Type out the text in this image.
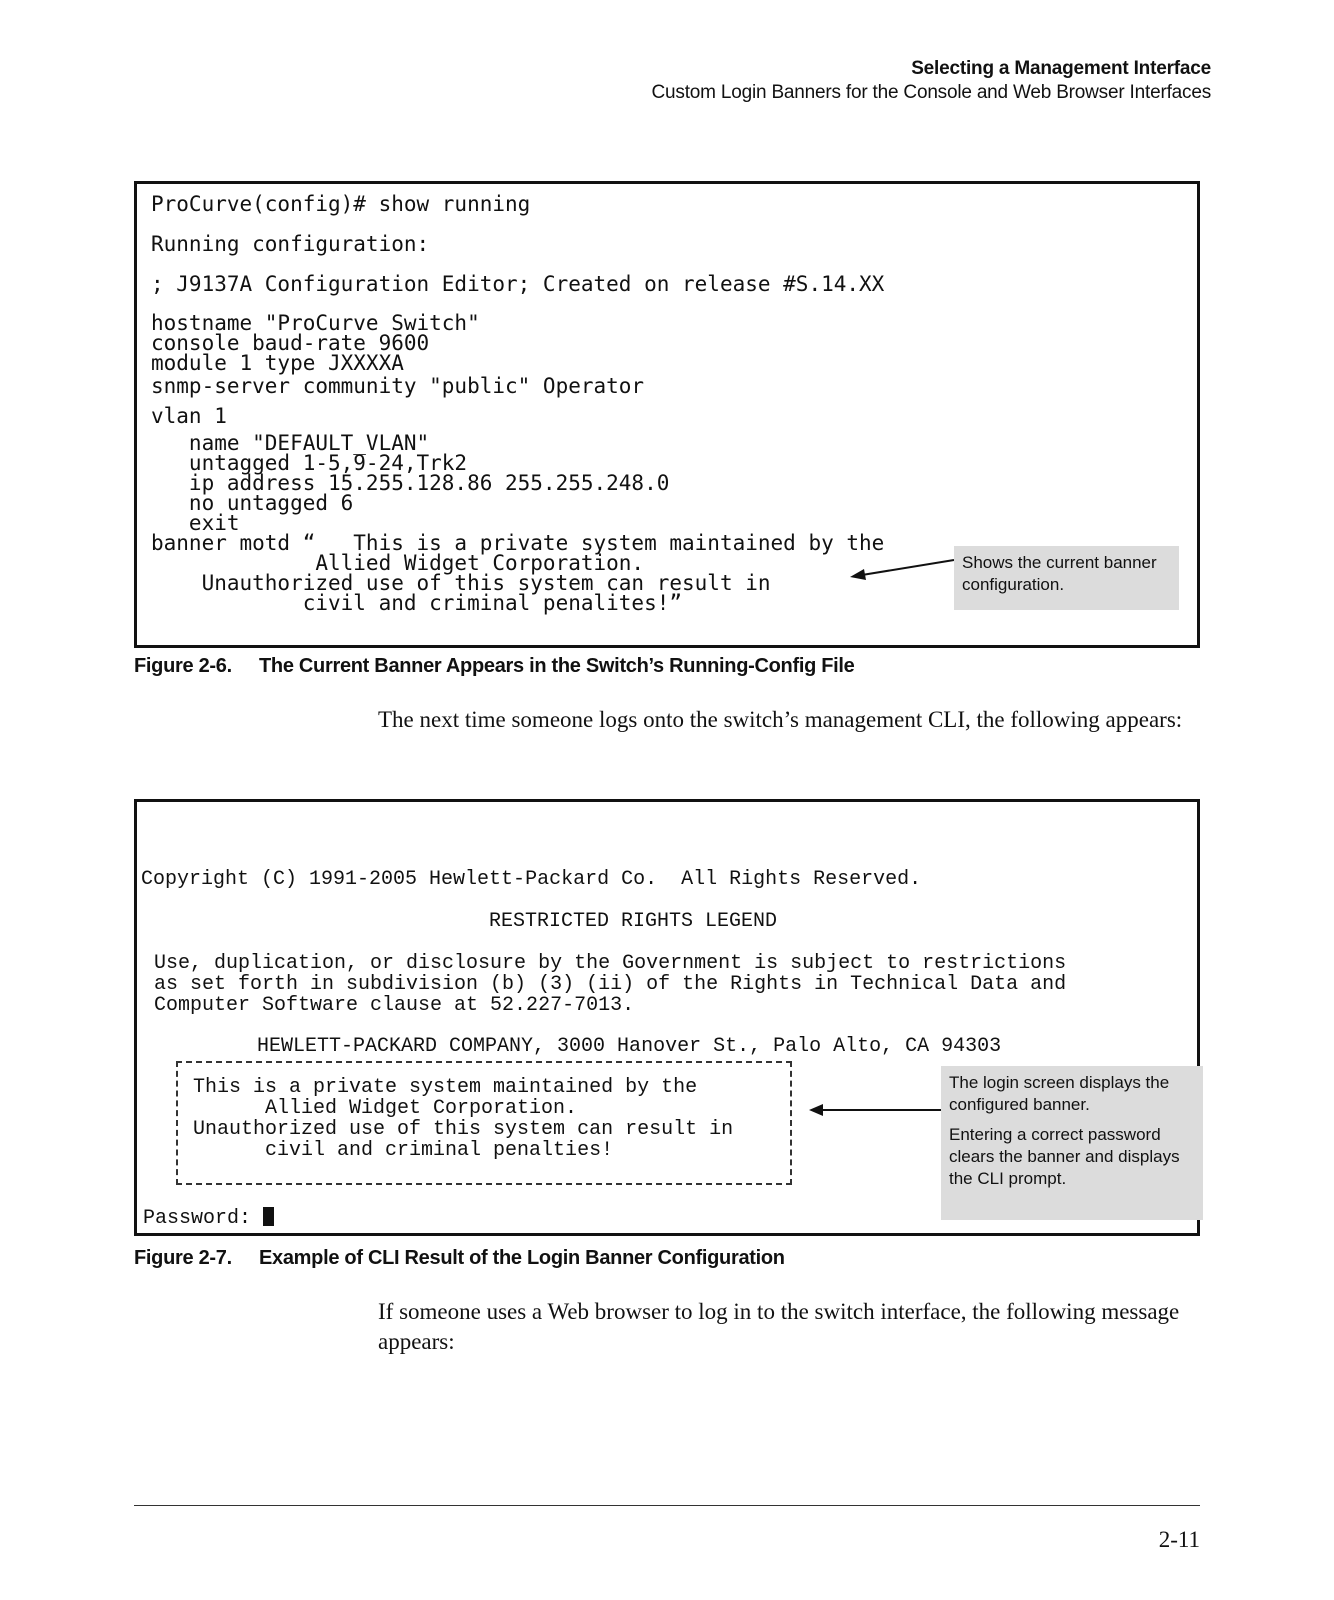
Selecting a Management Interface
Custom Login Banners for the Console and Web Browser Interfaces
ProCurve(config)# show running
Running configuration:
; J9137A Configuration Editor; Created on release #S.14.XX
hostname "ProCurve Switch"
console baud-rate 9600
module 1 type JXXXXA
snmp-server community "public" Operator
vlan 1
name "DEFAULT_VLAN"
untagged 1-5,9-24,Trk2
ip address 15.255.128.86 255.255.248.0
no untagged 6
exit
banner motd “   This is a private system maintained by the
Allied Widget Corporation.
Unauthorized use of this system can result in
civil and criminal penalites!”

Shows the current banner configuration.

Figure 2-6. The Current Banner Appears in the Switch’s Running-Config File
The next time someone logs onto the switch’s management CLI, the following appears:
Copyright (C) 1991-2005 Hewlett-Packard Co.  All Rights Reserved.
RESTRICTED RIGHTS LEGEND
Use, duplication, or disclosure by the Government is subject to restrictions
as set forth in subdivision (b) (3) (ii) of the Rights in Technical Data and
Computer Software clause at 52.227-7013.
HEWLETT-PACKARD COMPANY, 3000 Hanover St., Palo Alto, CA 94303
This is a private system maintained by the
Allied Widget Corporation.
Unauthorized use of this system can result in
civil and criminal penalties!
Password:

The login screen displays the configured banner.

Entering a correct password clears the banner and displays the CLI prompt.

Figure 2-7. Example of CLI Result of the Login Banner Configuration
If someone uses a Web browser to log in to the switch interface, the following message appears:
2-11
